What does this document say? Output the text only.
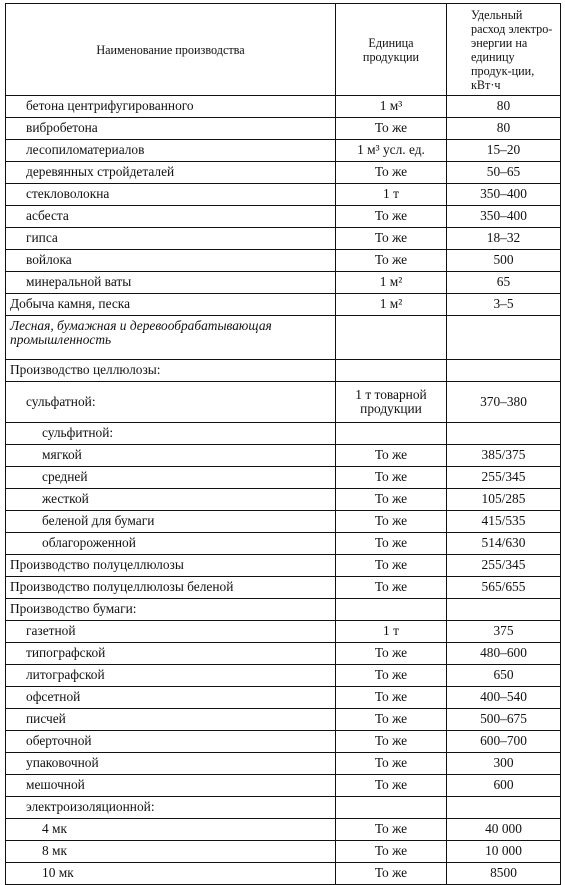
Наименование производства	Единица продукции	Удельный расход электро-энергии на единицу продук-ции, кВт·ч
бетона центрифугированного	1 м³	80
вибробетона	То же	80
лесопиломатериалов	1 м³ усл. ед.	15–20
деревянных стройдеталей	То же	50–65
стекловолокна	1 т	350–400
асбеста	То же	350–400
гипса	То же	18–32
войлока	То же	500
минеральной ваты	1 м²	65
Добыча камня, песка	1 м²	3–5
Лесная, бумажная и деревообрабатывающая промышленность		
Производство целлюлозы:		
сульфатной:	1 т товарной продукции	370–380
сульфитной:		
мягкой	То же	385/375
средней	То же	255/345
жесткой	То же	105/285
беленой для бумаги	То же	415/535
облагороженной	То же	514/630
Производство полуцеллюлозы	То же	255/345
Производство полуцеллюлозы беленой	То же	565/655
Производство бумаги:		
газетной	1 т	375
типографской	То же	480–600
литографской	То же	650
офсетной	То же	400–540
писчей	То же	500–675
оберточной	То же	600–700
упаковочной	То же	300
мешочной	То же	600
электроизоляционной:		
4 мк	То же	40 000
8 мк	То же	10 000
10 мк	То же	8500
